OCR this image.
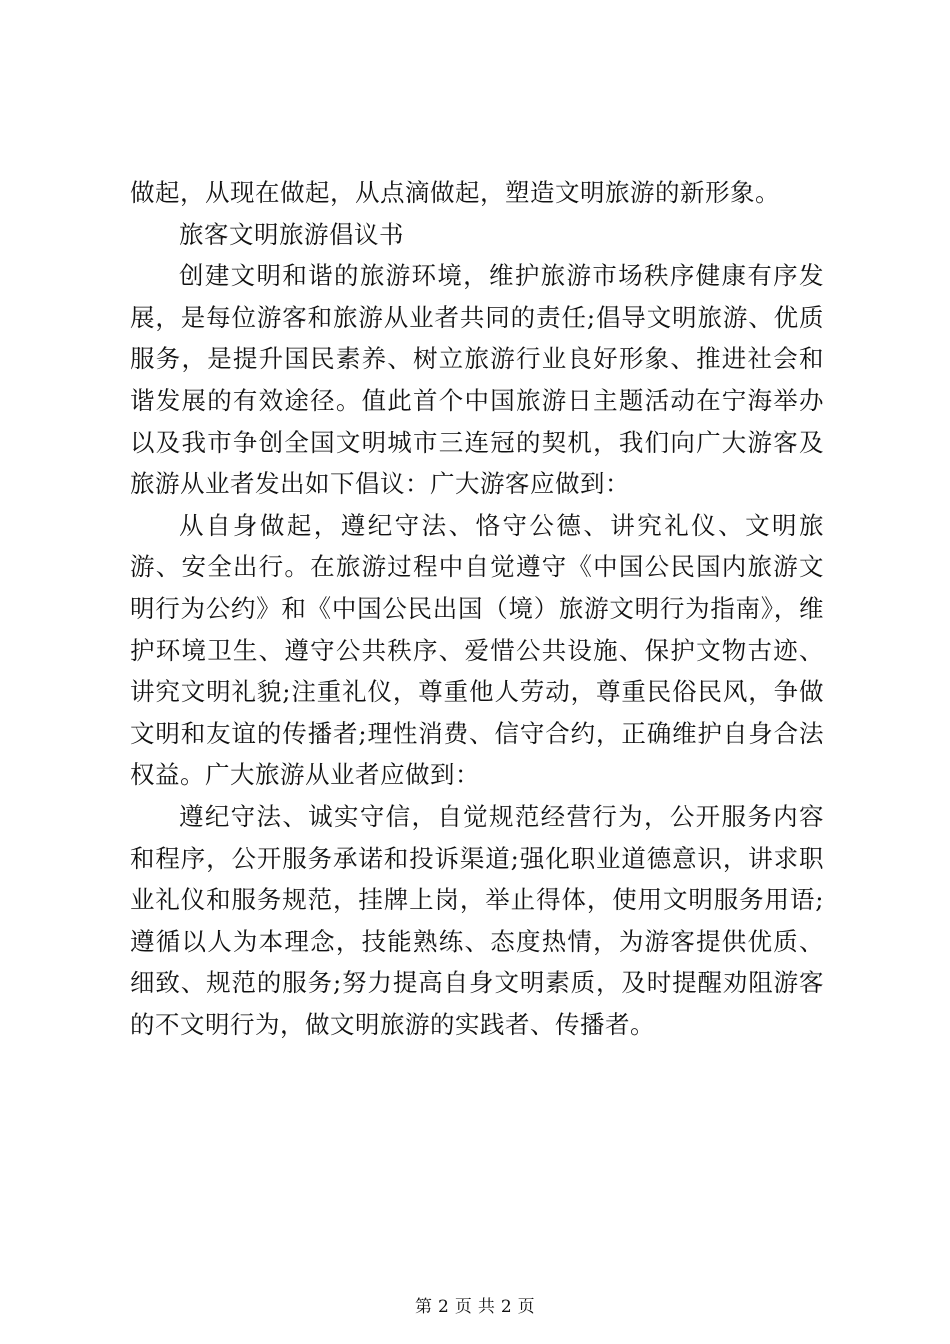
做起，从现在做起，从点滴做起，塑造文明旅游的新形象。

旅客文明旅游倡议书

创建文明和谐的旅游环境，维护旅游市场秩序健康有序发展，是每位游客和旅游从业者共同的责任;倡导文明旅游、优质服务，是提升国民素养、树立旅游行业良好形象、推进社会和谐发展的有效途径。值此首个中国旅游日主题活动在宁海举办以及我市争创全国文明城市三连冠的契机，我们向广大游客及旅游从业者发出如下倡议：广大游客应做到：

从自身做起，遵纪守法、恪守公德、讲究礼仪、文明旅游、安全出行。在旅游过程中自觉遵守《中国公民国内旅游文明行为公约》和《中国公民出国（境）旅游文明行为指南》，维护环境卫生、遵守公共秩序、爱惜公共设施、保护文物古迹、讲究文明礼貌;注重礼仪，尊重他人劳动，尊重民俗民风，争做文明和友谊的传播者;理性消费、信守合约，正确维护自身合法权益。广大旅游从业者应做到：

遵纪守法、诚实守信，自觉规范经营行为，公开服务内容和程序，公开服务承诺和投诉渠道;强化职业道德意识，讲求职业礼仪和服务规范，挂牌上岗，举止得体，使用文明服务用语;遵循以人为本理念，技能熟练、态度热情，为游客提供优质、细致、规范的服务;努力提高自身文明素质，及时提醒劝阻游客的不文明行为，做文明旅游的实践者、传播者。

第 2 页 共 2 页
